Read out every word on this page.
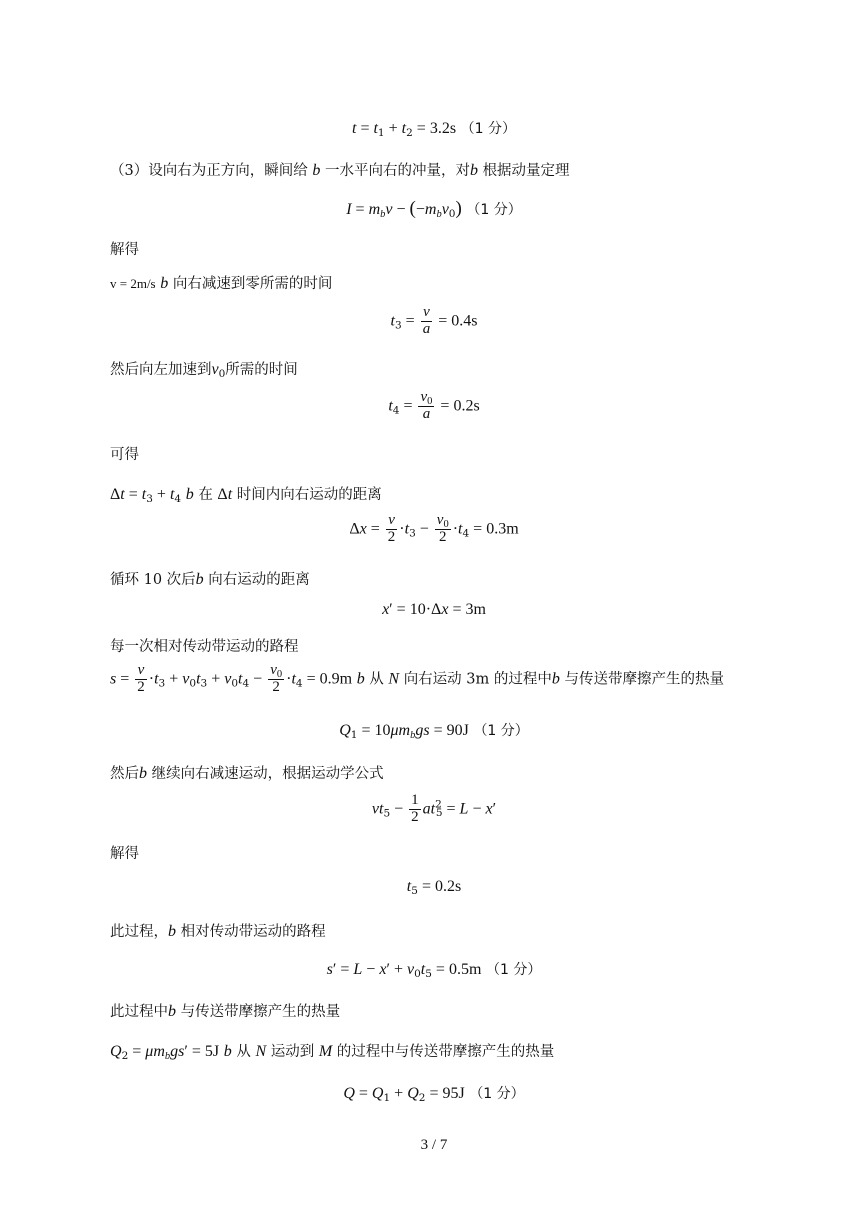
$t = t_1 + t_2 = 3.2s$ （1 分）
（3）设向右为正方向，瞬间给 b 一水平向右的冲量，对b 根据动量定理
$I = m_bv - (-m_bv_0)$ （1 分）
解得
v = 2m/s b 向右减速到零所需的时间
$t_3 = \frac{v}{a} = 0.4s$
然后向左加速到$v_0$所需的时间
$t_4 = \frac{v_0}{a} = 0.2s$
可得
$\Delta t = t_3 + t_4$ b 在 Δt 时间内向右运动的距离
$\Delta x = \frac{v}{2} \cdot t_3 - \frac{v_0}{2} \cdot t_4 = 0.3m$
循环 10 次后b 向右运动的距离
x′ = 10·Δx = 3m
每一次相对传动带运动的路程
$s = \frac{v}{2} \cdot t_3 + v_0t_3 + v_0t_4 - \frac{v_0}{2} \cdot t_4 = 0.9m$ b 从 N 向右运动 3m 的过程中b 与传送带摩擦产生的热量
$Q_1 = 10\mu m_bgs = 90J$ （1 分）
然后b 继续向右减速运动，根据运动学公式
$vt_5 - \frac{1}{2} at^2_5 = L - x'$
解得
$t_5 = 0.2s$
此过程，b 相对传动带运动的路程
$s' = L - x' + v_0t_5 = 0.5m$ （1 分）
此过程中b 与传送带摩擦产生的热量
$Q_2 = \mu m_bgs' = 5J$ b 从 N 运动到 M 的过程中与传送带摩擦产生的热量
$Q = Q_1 + Q_2 = 95J$ （1 分）
3 / 7
